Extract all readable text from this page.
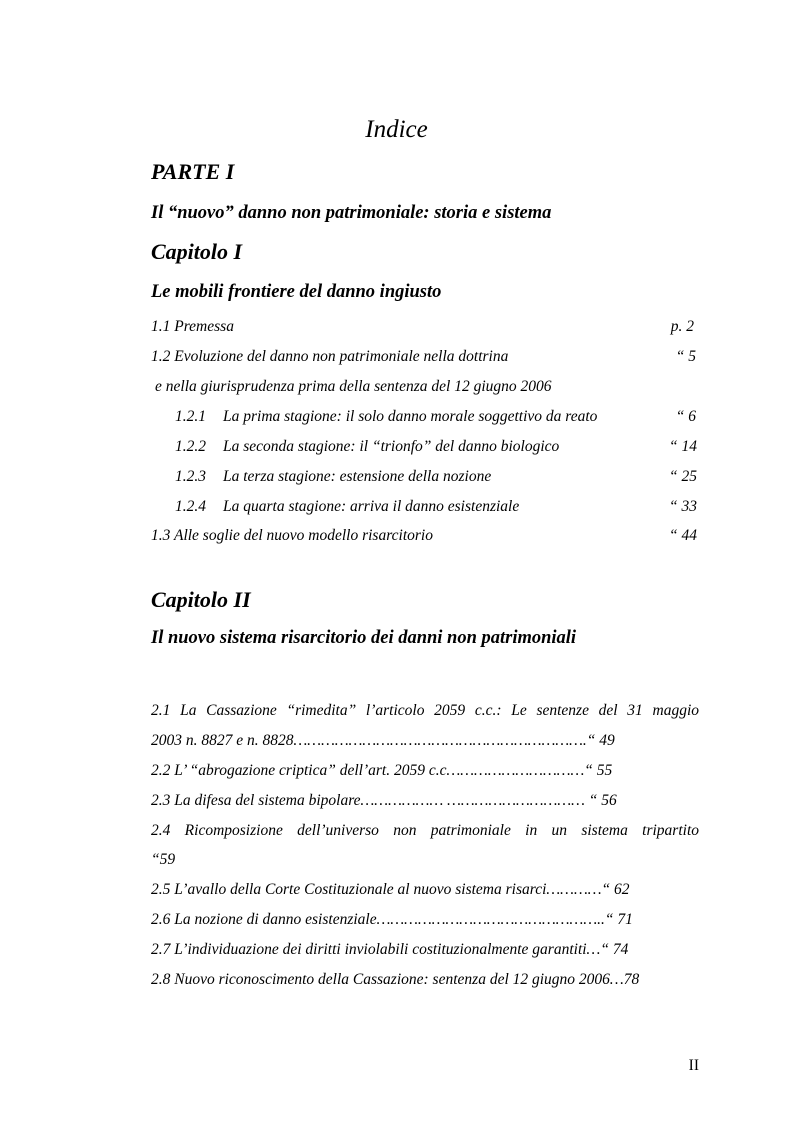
Indice
PARTE I
Il “nuovo” danno non patrimoniale: storia e sistema
Capitolo I
Le mobili frontiere del danno ingiusto
1.1 Premessa	p. 2
1.2 Evoluzione del danno non patrimoniale nella dottrina	“ 5
e nella giurisprudenza prima della sentenza del 12 giugno 2006
1.2.1 La prima stagione: il solo danno morale soggettivo da reato	“ 6
1.2.2 La seconda stagione: il “trionfo” del danno biologico	“ 14
1.2.3 La terza stagione: estensione della nozione	“ 25
1.2.4 La quarta stagione: arriva il danno esistenziale	“ 33
1.3 Alle soglie del nuovo modello risarcitorio	“ 44
Capitolo II
Il nuovo sistema risarcitorio dei danni non patrimoniali
2.1 La Cassazione “rimedita” l’articolo 2059 c.c.: Le sentenze del 31 maggio
2003 n. 8827 e n. 8828……………………………………………………….“ 49
2.2 L’ “abrogazione criptica” dell’art. 2059 c.c…………………………“ 55
2.3 La difesa del sistema bipolare……………… ………………………… “ 56
2.4 Ricomposizione dell’universo non patrimoniale in un sistema tripartito
“59
2.5 L’avallo della Corte Costituzionale al nuovo sistema risarci…………“ 62
2.6 La nozione di danno esistenziale…………………………………………..“ 71
2.7 L’individuazione dei diritti inviolabili costituzionalmente garantiti…“ 74
2.8 Nuovo riconoscimento della Cassazione: sentenza del 12 giugno 2006…78
II
